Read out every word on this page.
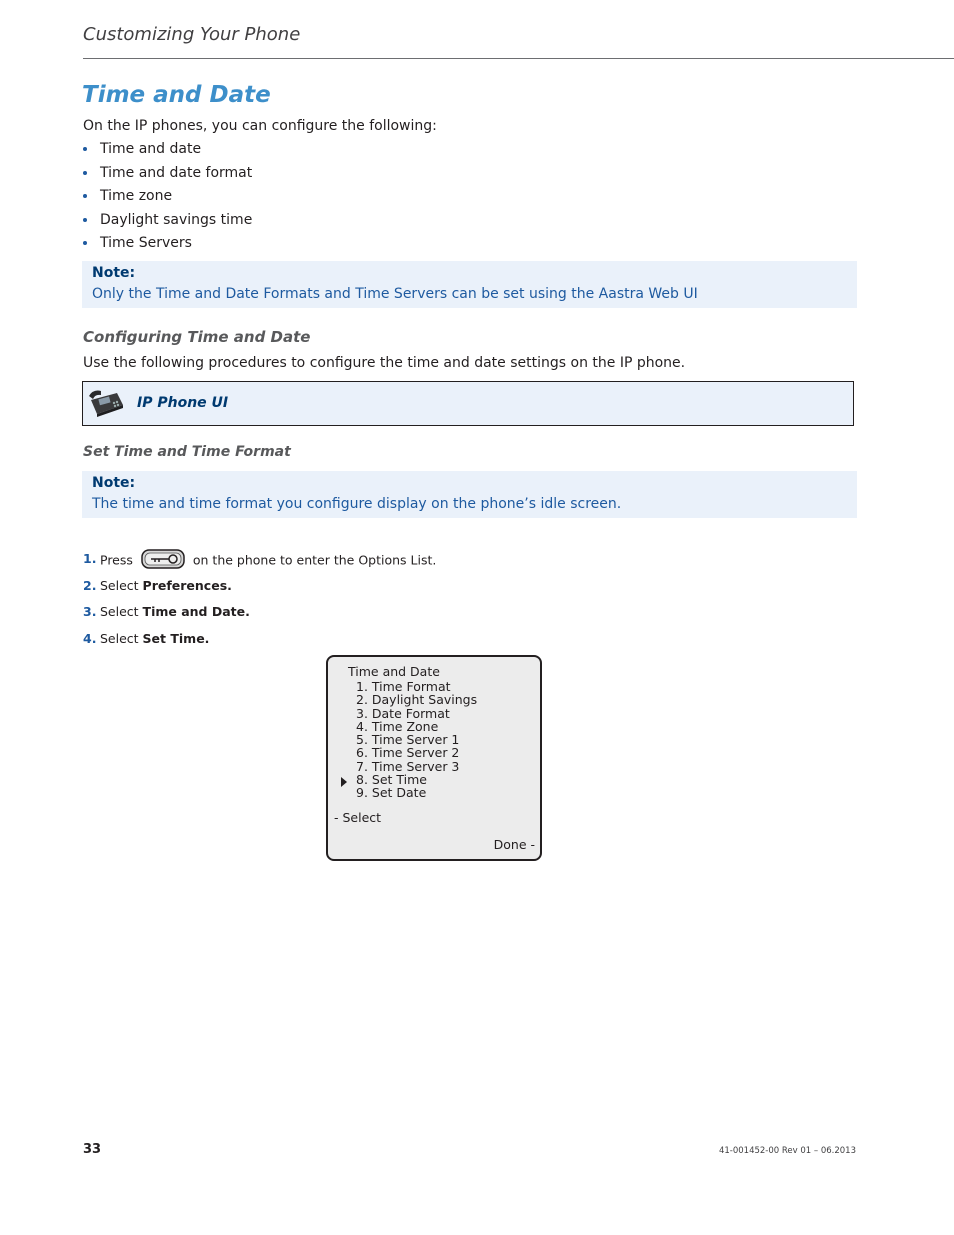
Customizing Your Phone
Time and Date
On the IP phones, you can configure the following:
Time and date
Time and date format
Time zone
Daylight savings time
Time Servers
Note:
Only the Time and Date Formats and Time Servers can be set using the Aastra Web UI
Configuring Time and Date
Use the following procedures to configure the time and date settings on the IP phone.
IP Phone UI
Set Time and Time Format
Note:
The time and time format you configure display on the phone’s idle screen.
1. Press	on the phone to enter the Options List.
2. Select Preferences.
3. Select Time and Date.
4. Select Set Time.
Time and Date
1. Time Format
2. Daylight Savings
3. Date Format
4. Time Zone
5. Time Server 1
6. Time Server 2
7. Time Server 3
8. Set Time
9. Set Date
- Select
Done -
33	41-001452-00 Rev 01 – 06.2013
